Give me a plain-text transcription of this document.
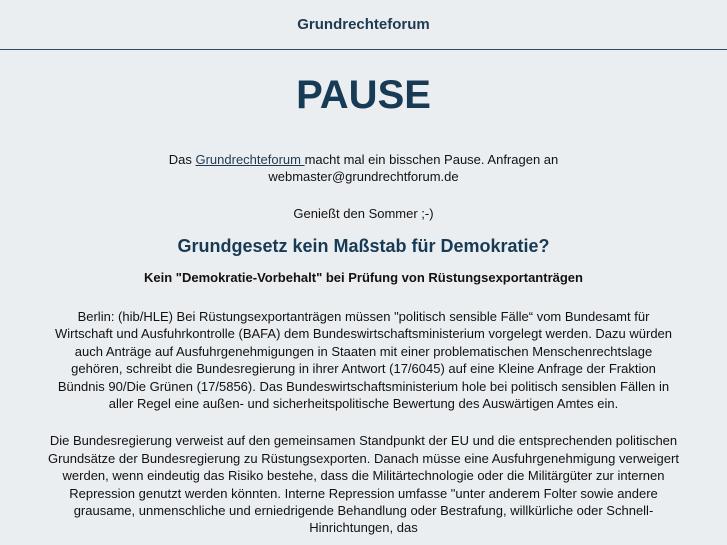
Grundrechteforum
PAUSE

Das Grundrechteforum macht mal ein bisschen Pause. Anfragen an
webmaster@grundrechtforum.de

Genießt den Sommer ;-)

Grundgesetz kein Maßstab für Demokratie?

Kein "Demokratie-Vorbehalt" bei Prüfung von Rüstungsexportanträgen

Berlin: (hib/HLE) Bei Rüstungsexportanträgen müssen "politisch sensible Fälle“ vom Bundesamt für Wirtschaft und Ausfuhrkontrolle (BAFA) dem Bundeswirtschaftsministerium vorgelegt werden. Dazu würden auch Anträge auf Ausfuhrgenehmigungen in Staaten mit einer problematischen Menschenrechtslage gehören, schreibt die Bundesregierung in ihrer Antwort (17/6045) auf eine Kleine Anfrage der Fraktion Bündnis 90/Die Grünen (17/5856). Das Bundeswirtschaftsministerium hole bei politisch sensiblen Fällen in aller Regel eine außen- und sicherheitspolitische Bewertung des Auswärtigen Amtes ein.

Die Bundesregierung verweist auf den gemeinsamen Standpunkt der EU und die entsprechenden politischen Grundsätze der Bundesregierung zu Rüstungsexporten. Danach müsse eine Ausfuhrgenehmigung verweigert werden, wenn eindeutig das Risiko bestehe, dass die Militärtechnologie oder die Militärgüter zur internen Repression genutzt werden könnten. Interne Repression umfasse "unter anderem Folter sowie andere grausame, unmenschliche und erniedrigende Behandlung oder Bestrafung, willkürliche oder Schnell-Hinrichtungen, das
